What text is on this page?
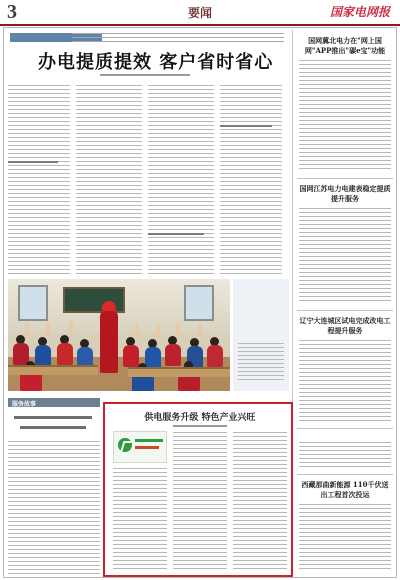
3	要闻	国家电网报
办电提质提效 客户省时省心
国网冀北电力在"网上国网"APP推出"碳e宝"功能
国网江苏电力电建表稳定提质提升服务
辽宁大连城区试电完成改电工程提升服务
西藏那曲新能源 110千伏送出工程首次投运
服务故事
供电服务升级 特色产业兴旺
